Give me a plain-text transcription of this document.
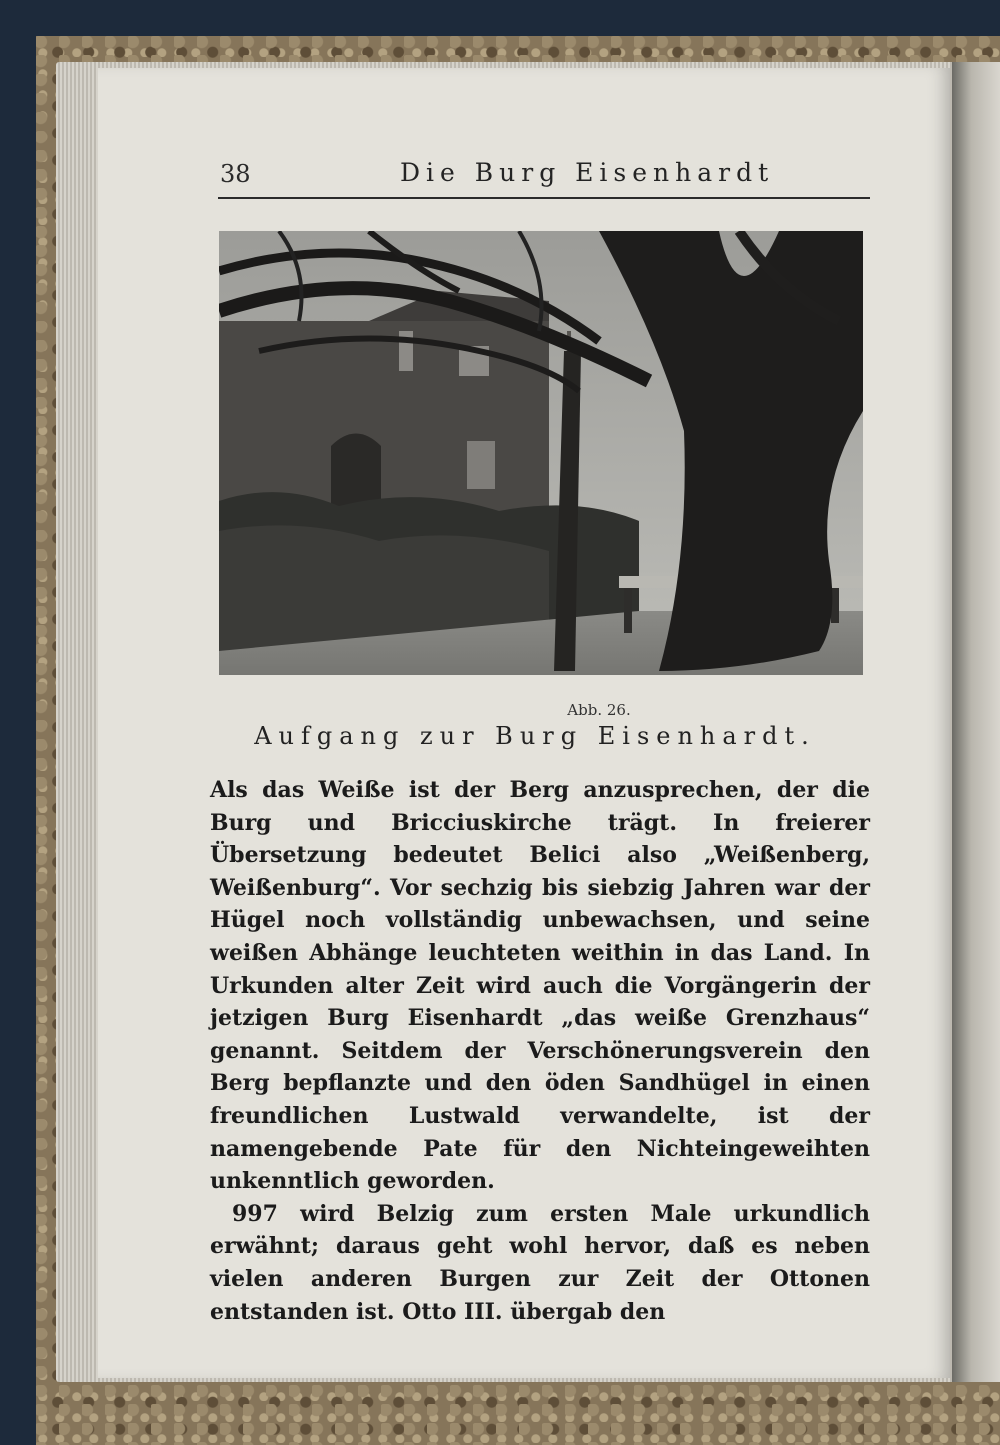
38	Die Burg Eisenhardt
Abb. 26.
Aufgang zur Burg Eisenhardt.

Als das Weiße ist der Berg anzusprechen, der die Burg und Bricciuskirche trägt. In freierer Übersetzung bedeutet Belici also „Weißenberg, Weißenburg“. Vor sechzig bis siebzig Jahren war der Hügel noch vollständig unbewachsen, und seine weißen Abhänge leuchteten weithin in das Land. In Urkunden alter Zeit wird auch die Vorgängerin der jetzigen Burg Eisenhardt „das weiße Grenzhaus“ genannt. Seitdem der Verschönerungsverein den Berg bepflanzte und den öden Sandhügel in einen freundlichen Lustwald verwandelte, ist der namengebende Pate für den Nichteingeweihten unkenntlich geworden.

997 wird Belzig zum ersten Male urkundlich erwähnt; daraus geht wohl hervor, daß es neben vielen anderen Burgen zur Zeit der Ottonen entstanden ist. Otto III. übergab den
